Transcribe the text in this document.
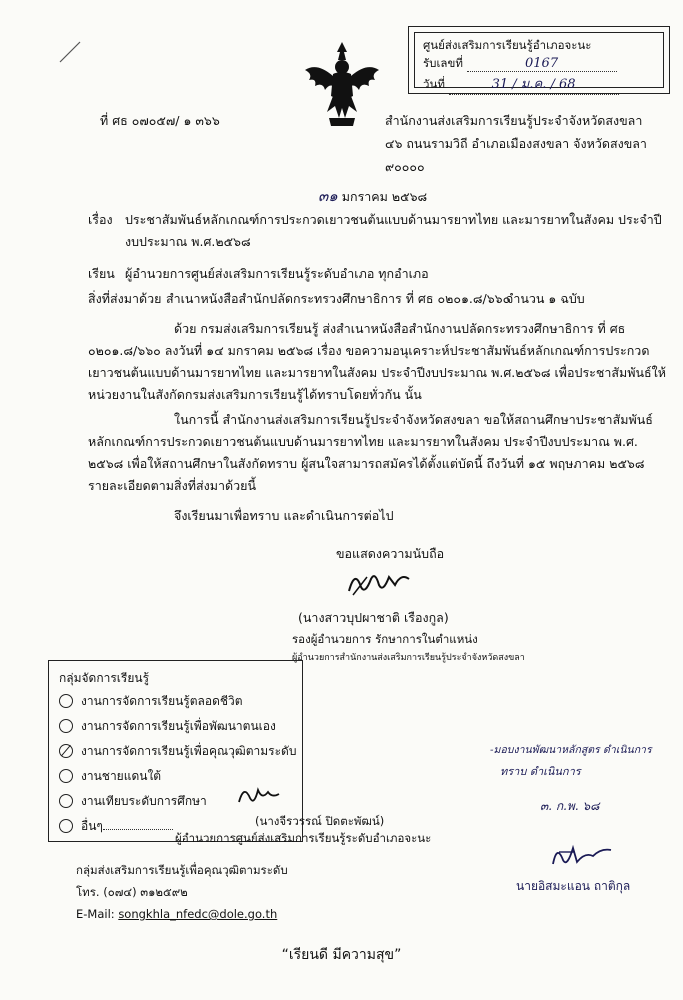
ศูนย์ส่งเสริมการเรียนรู้อำเภอจะนะ
รับเลขที่	0167
วันที่	31 / ม.ค. / 68
ที่ ศธ ๐๗๐๕๗/ ๑ ๓๖๖	สำนักงานส่งเสริมการเรียนรู้ประจำจังหวัดสงขลา
๔๖ ถนนรามวิถี อำเภอเมืองสงขลา จังหวัดสงขลา
๙๐๐๐๐
๓๑ มกราคม ๒๕๖๘
เรื่อง ประชาสัมพันธ์หลักเกณฑ์การประกวดเยาวชนต้นแบบด้านมารยาทไทย และมารยาทในสังคม ประจำปี
งบประมาณ พ.ศ.๒๕๖๘
เรียน ผู้อำนวยการศูนย์ส่งเสริมการเรียนรู้ระดับอำเภอ ทุกอำเภอ
สิ่งที่ส่งมาด้วย สำเนาหนังสือสำนักปลัดกระทรวงศึกษาธิการ ที่ ศธ ๐๒๐๑.๘/๖๖๐
จำนวน ๑ ฉบับ
ด้วย กรมส่งเสริมการเรียนรู้ ส่งสำเนาหนังสือสำนักงานปลัดกระทรวงศึกษาธิการ ที่ ศธ
๐๒๐๑.๘/๖๖๐ ลงวันที่ ๑๔ มกราคม ๒๕๖๘ เรื่อง ขอความอนุเคราะห์ประชาสัมพันธ์หลักเกณฑ์การประกวด
เยาวชนต้นแบบด้านมารยาทไทย และมารยาทในสังคม ประจำปีงบประมาณ พ.ศ.๒๕๖๘ เพื่อประชาสัมพันธ์ให้
หน่วยงานในสังกัดกรมส่งเสริมการเรียนรู้ได้ทราบโดยทั่วกัน นั้น
ในการนี้ สำนักงานส่งเสริมการเรียนรู้ประจำจังหวัดสงขลา ขอให้สถานศึกษาประชาสัมพันธ์
หลักเกณฑ์การประกวดเยาวชนต้นแบบด้านมารยาทไทย และมารยาทในสังคม ประจำปีงบประมาณ พ.ศ.
๒๕๖๘ เพื่อให้สถานศึกษาในสังกัดทราบ ผู้สนใจสามารถสมัครได้ตั้งแต่บัดนี้ ถึงวันที่ ๑๕ พฤษภาคม ๒๕๖๘
รายละเอียดตามสิ่งที่ส่งมาด้วยนี้
จึงเรียนมาเพื่อทราบ และดำเนินการต่อไป
ขอแสดงความนับถือ
(นางสาวบุปผาชาติ เรืองกูล)
รองผู้อำนวยการ รักษาการในตำแหน่ง
ผู้อำนวยการสำนักงานส่งเสริมการเรียนรู้ประจำจังหวัดสงขลา
กลุ่มจัดการเรียนรู้
งานการจัดการเรียนรู้ตลอดชีวิต
งานการจัดการเรียนรู้เพื่อพัฒนาตนเอง
งานการจัดการเรียนรู้เพื่อคุณวุฒิตามระดับ
งานชายแดนใต้
งานเทียบระดับการศึกษา
อื่นๆ	(นางจีรวรรณ์ ปิดตะพัฒน์)
ผู้อำนวยการศูนย์ส่งเสริมการเรียนรู้ระดับอำเภอจะนะ
กลุ่มส่งเสริมการเรียนรู้เพื่อคุณวุฒิตามระดับ
โทร. (๐๗๔) ๓๑๒๕๙๒
E-Mail: songkhla_nfedc@dole.go.th
-มอบงานพัฒนาหลักสูตร ดำเนินการ
ทราบ ดำเนินการ
๓. ก.พ. ๖๘
นายอิสมะแอน ถาติกุล
“เรียนดี มีความสุข”
